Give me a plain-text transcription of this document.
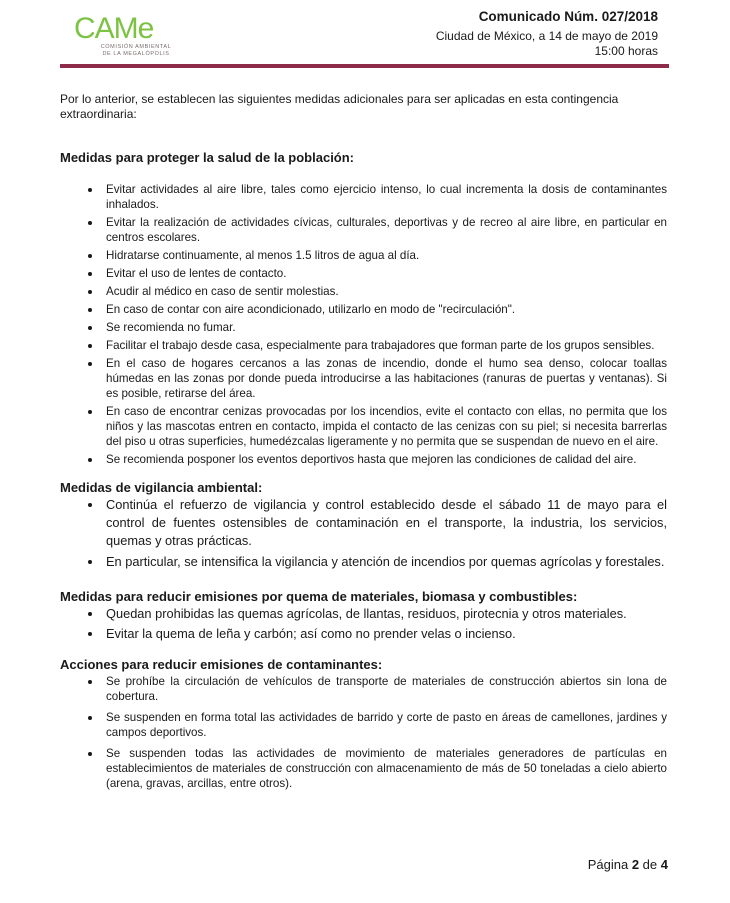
CAMe
COMISIÓN AMBIENTAL
DE LA MEGALÓPOLIS
Comunicado Núm. 027/2018
Ciudad de México, a 14 de mayo de 2019
15:00 horas

Por lo anterior, se establecen las siguientes medidas adicionales para ser aplicadas en esta contingencia extraordinaria:

Medidas para proteger la salud de la población:
Evitar actividades al aire libre, tales como ejercicio intenso, lo cual incrementa la dosis de contaminantes inhalados.
Evitar la realización de actividades cívicas, culturales, deportivas y de recreo al aire libre, en particular en centros escolares.
Hidratarse continuamente, al menos 1.5 litros de agua al día.
Evitar el uso de lentes de contacto.
Acudir al médico en caso de sentir molestias.
En caso de contar con aire acondicionado, utilizarlo en modo de "recirculación".
Se recomienda no fumar.
Facilitar el trabajo desde casa, especialmente para trabajadores que forman parte de los grupos sensibles.
En el caso de hogares cercanos a las zonas de incendio, donde el humo sea denso, colocar toallas húmedas en las zonas por donde pueda introducirse a las habitaciones (ranuras de puertas y ventanas). Si es posible, retirarse del área.
En caso de encontrar cenizas provocadas por los incendios, evite el contacto con ellas, no permita que los niños y las mascotas entren en contacto, impida el contacto de las cenizas con su piel; si necesita barrerlas del piso u otras superficies, humedézcalas ligeramente y no permita que se suspendan de nuevo en el aire.
Se recomienda posponer los eventos deportivos hasta que mejoren las condiciones de calidad del aire.
Medidas de vigilancia ambiental:
Continúa el refuerzo de vigilancia y control establecido desde el sábado 11 de mayo para el control de fuentes ostensibles de contaminación en el transporte, la industria, los servicios, quemas y otras prácticas.
En particular, se intensifica la vigilancia y atención de incendios por quemas agrícolas y forestales.
Medidas para reducir emisiones por quema de materiales, biomasa y combustibles:
Quedan prohibidas las quemas agrícolas, de llantas, residuos, pirotecnia y otros materiales.
Evitar la quema de leña y carbón; así como no prender velas o incienso.
Acciones para reducir emisiones de contaminantes:
Se prohíbe la circulación de vehículos de transporte de materiales de construcción abiertos sin lona de cobertura.
Se suspenden en forma total las actividades de barrido y corte de pasto en áreas de camellones, jardines y campos deportivos.
Se suspenden todas las actividades de movimiento de materiales generadores de partículas en establecimientos de materiales de construcción con almacenamiento de más de 50 toneladas a cielo abierto (arena, gravas, arcillas, entre otros).
Página 2 de 4
